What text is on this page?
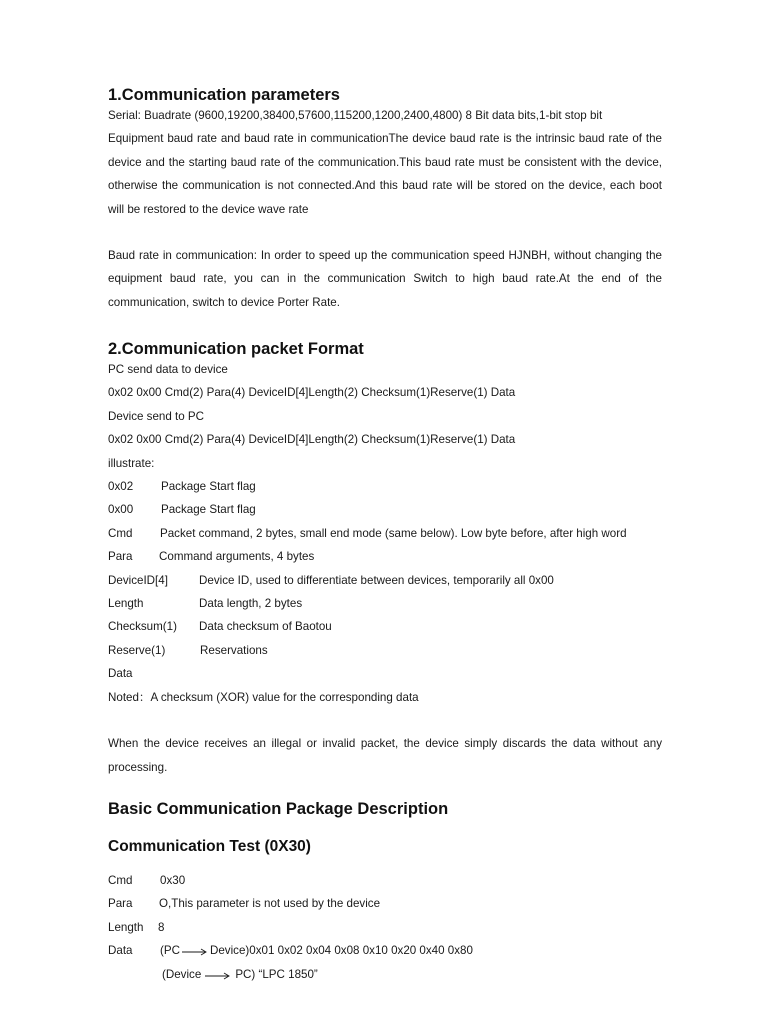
1.Communication parameters

Serial: Buadrate (9600,19200,38400,57600,115200,1200,2400,4800) 8 Bit data bits,1-bit stop bit

Equipment baud rate and baud rate in communicationThe device baud rate is the intrinsic baud rate of the device and the starting baud rate of the communication.This baud rate must be consistent with the device, otherwise the communication is not connected.And this baud rate will be stored on the device, each boot will be restored to the device wave rate

Baud rate in communication: In order to speed up the communication speed HJNBH, without changing the equipment baud rate, you can in the communication Switch to high baud rate.At the end of the communication, switch to device Porter Rate.

2.Communication packet Format

PC send data to device

0x02 0x00 Cmd(2) Para(4) DeviceID[4]Length(2) Checksum(1)Reserve(1) Data

Device send to PC

0x02 0x00 Cmd(2) Para(4) DeviceID[4]Length(2) Checksum(1)Reserve(1) Data

illustrate:

0x02	Package Start flag
0x00	Package Start flag
Cmd	Packet command, 2 bytes, small end mode (same below). Low byte before, after high word
Para	Command arguments, 4 bytes
DeviceID[4]	Device ID, used to differentiate between devices, temporarily all 0x00
Length	Data length, 2 bytes
Checksum(1)	Data checksum of Baotou
Reserve(1)	Reservations
Data

Noted：A checksum (XOR) value for the corresponding data

When the device receives an illegal or invalid packet, the device simply discards the data without any processing.

Basic Communication Package Description
Communication Test (0X30)
Cmd	0x30
Para	O,This parameter is not used by the device
Length	8
Data	(PC	Device)0x01 0x02 0x04 0x08 0x10 0x20 0x40 0x80
(Device	PC) “LPC 1850”
